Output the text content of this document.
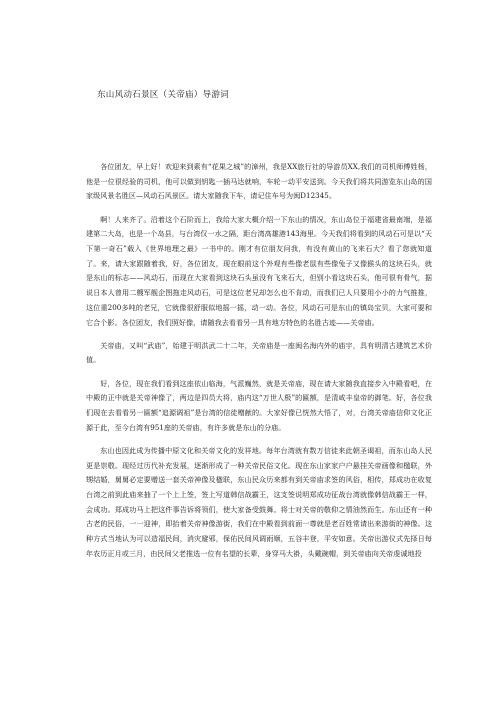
东山风动石景区（关帝庙）导游词

各位团友，早上好！欢迎来到素有“花果之城”的漳州，我是XX旅行社的导游员XX,我们的司机师傅姓杨，他是一位很经验的司机，他可以做到钥匙一插马达就响，车轮一动平安送到。今天我们将共同游览东山岛的国家级风景名胜区—风动石风景区。请大家随我下车，请记住车号为闽D12345。

啊！人来齐了。沿着这个石阶而上，我给大家大概介绍一下东山的情况，东山岛位于福建省最南端，是福建第二大岛，也是一个岛县，与台湾仅一水之隔，距台湾高雄港143海里。今天我们将看到的风动石可是以“天下第一奇石”载入《世界地理之最》一书中的。刚才有位朋友问我，有没有黄山的飞来石大？看了您就知道了。来，请大家跟随着我，好，各位团友，现在眼前这个外观有些像老鼠有些像兔子又像猴头的这块石头，就是东山的标志——风动石，而现在大家看到这块石头虽没有飞来石大，但别小看这块石头，他可很有骨气，据说日本人曾用二艘军舰企图拖走风动石，可是这位老兄却怎么也不肯动，而我们已人只要用小小的力气推推，这位重200多吨的老兄，它就像很舒服似地摇一摇，动一动。各位，风动石可是东山的镇岛宝贝，大家可要和它合个影。各位团友，我们照好像，请随我去看看另一具有地方特色的名胜古迹——关帝庙。

关帝庙，又叫“武庙”，始建于明洪武二十二年，关帝庙是一座闽名海内外的庙宇，具有明清古建筑艺术价值。

好，各位，现在我们看到这座依山临海，气派巍然，就是关帝庙，现在请大家随我直接步入中殿看吧，在中殿的正中就是关帝神像了，两边是四员大将，庙内这“万世人极”的匾额，是清咸丰皇帝的御笔。好，各位我们现在去看看另一匾额“追源调祖”是台湾的信徒赠献的。大家好像已恍然大悟了，对，台湾关帝庙信仰文化正源于此，至今台湾有951座的关帝庙，有许多就是东山的分庙。

东山也因此成为传播中原文化和关帝文化的发祥地。每年台湾就有数万信徒来此朝圣谒祖，而东山岛人民更是崇敬。现经过历代补充发展，逐渐形成了一种关帝民俗文化。现在东山家家户户悬挂关帝画像和楹联，外甥结婚，舅舅必定要赠送一套关帝神像及楹联，东山民众历来都有到关帝庙求签的风俗，相传，郑成功在收复台湾之前到此庙来抽了一个上上签，签上写道韩信战霸王，这支签说明郑成功征战台湾就像韩信战霸王一样，会成功。郑成功马上把这件事告诉将领们，使大家备受鼓舞。将士对关帝的敬仰之情油然而生。东山还有一种古老的民俗，一一迎神，即抬着关帝神像游街，我们在中殿看到前面一尊就是老百姓常请出来游街的神像。这种方式当地认为可以造福民间，消灾避邪，保佑民间风调雨顺，五谷丰登，平安如意。关帝出游仪式先择日每年农历正月或三月，由民间父老推选一位有名望的长辈，身穿马大褂，头戴碗帽，到关帝庙向关帝虔诚地投
